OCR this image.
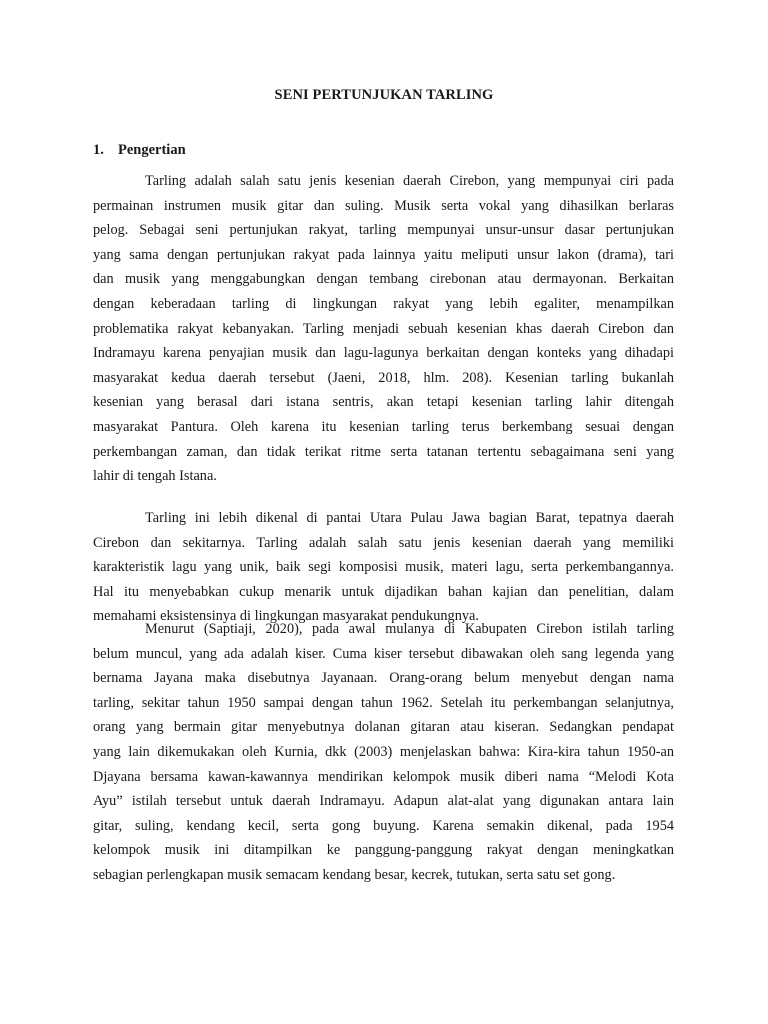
SENI PERTUNJUKAN TARLING
1. Pengertian
Tarling adalah salah satu jenis kesenian daerah Cirebon, yang mempunyai ciri pada
permainan instrumen musik gitar dan suling. Musik serta vokal yang dihasilkan berlaras
pelog. Sebagai seni pertunjukan rakyat, tarling mempunyai unsur-unsur dasar pertunjukan
yang sama dengan pertunjukan rakyat pada lainnya yaitu meliputi unsur lakon (drama), tari
dan musik yang menggabungkan dengan tembang cirebonan atau dermayonan. Berkaitan
dengan keberadaan tarling di lingkungan rakyat yang lebih egaliter, menampilkan
problematika rakyat kebanyakan. Tarling menjadi sebuah kesenian khas daerah Cirebon dan
Indramayu karena penyajian musik dan lagu-lagunya berkaitan dengan konteks yang dihadapi
masyarakat kedua daerah tersebut (Jaeni, 2018, hlm. 208). Kesenian tarling bukanlah
kesenian yang berasal dari istana sentris, akan tetapi kesenian tarling lahir ditengah
masyarakat Pantura. Oleh karena itu kesenian tarling terus berkembang sesuai dengan
perkembangan zaman, dan tidak terikat ritme serta tatanan tertentu sebagaimana seni yang
lahir di tengah Istana.
Tarling ini lebih dikenal di pantai Utara Pulau Jawa bagian Barat, tepatnya daerah
Cirebon dan sekitarnya. Tarling adalah salah satu jenis kesenian daerah yang memiliki
karakteristik lagu yang unik, baik segi komposisi musik, materi lagu, serta perkembangannya.
Hal itu menyebabkan cukup menarik untuk dijadikan bahan kajian dan penelitian, dalam
memahami eksistensinya di lingkungan masyarakat pendukungnya.
Menurut (Saptiaji, 2020), pada awal mulanya di Kabupaten Cirebon istilah tarling
belum muncul, yang ada adalah kiser. Cuma kiser tersebut dibawakan oleh sang legenda yang
bernama Jayana maka disebutnya Jayanaan. Orang-orang belum menyebut dengan nama
tarling, sekitar tahun 1950 sampai dengan tahun 1962. Setelah itu perkembangan selanjutnya,
orang yang bermain gitar menyebutnya dolanan gitaran atau kiseran. Sedangkan pendapat
yang lain dikemukakan oleh Kurnia, dkk (2003) menjelaskan bahwa: Kira-kira tahun 1950-an
Djayana bersama kawan-kawannya mendirikan kelompok musik diberi nama “Melodi Kota
Ayu” istilah tersebut untuk daerah Indramayu. Adapun alat-alat yang digunakan antara lain
gitar, suling, kendang kecil, serta gong buyung. Karena semakin dikenal, pada 1954
kelompok musik ini ditampilkan ke panggung-panggung rakyat dengan meningkatkan
sebagian perlengkapan musik semacam kendang besar, kecrek, tutukan, serta satu set gong.
